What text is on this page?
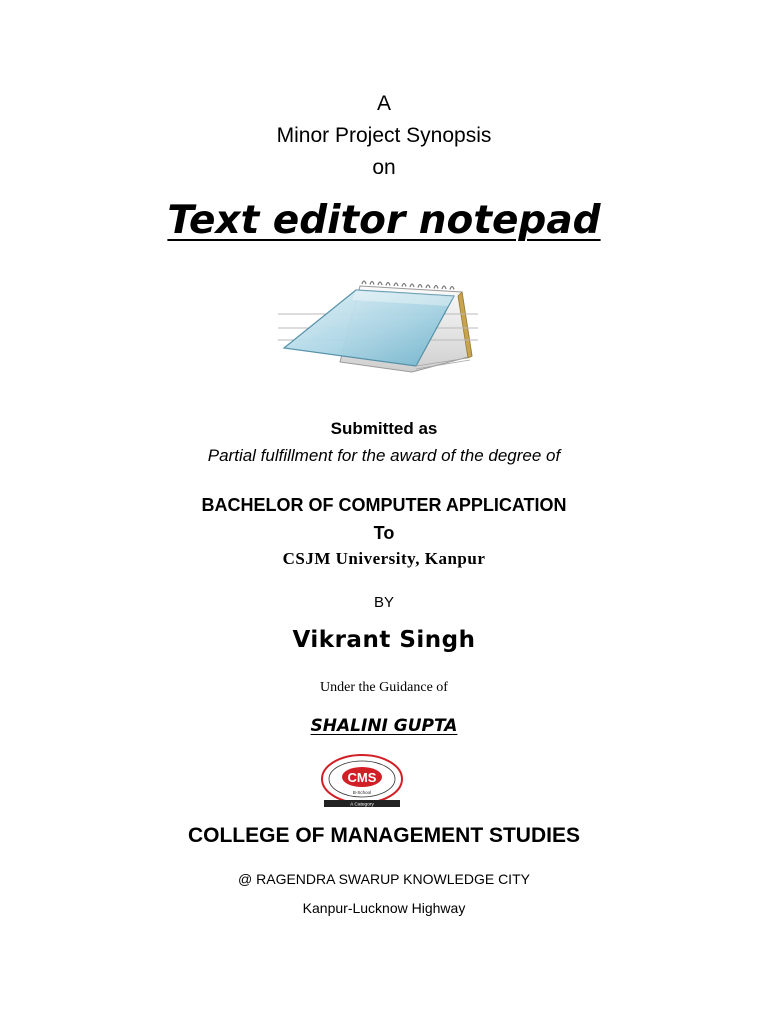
A
Minor Project Synopsis
on
Text editor notepad
Submitted as
Partial fulfillment for the award of the degree of
BACHELOR OF COMPUTER APPLICATION
To
CSJM University, Kanpur
BY
Vikrant Singh
Under the Guidance of
SHALINI GUPTA
CMS
B-School
A Category
COLLEGE OF MANAGEMENT STUDIES
@ RAGENDRA SWARUP KNOWLEDGE CITY
Kanpur-Lucknow Highway
